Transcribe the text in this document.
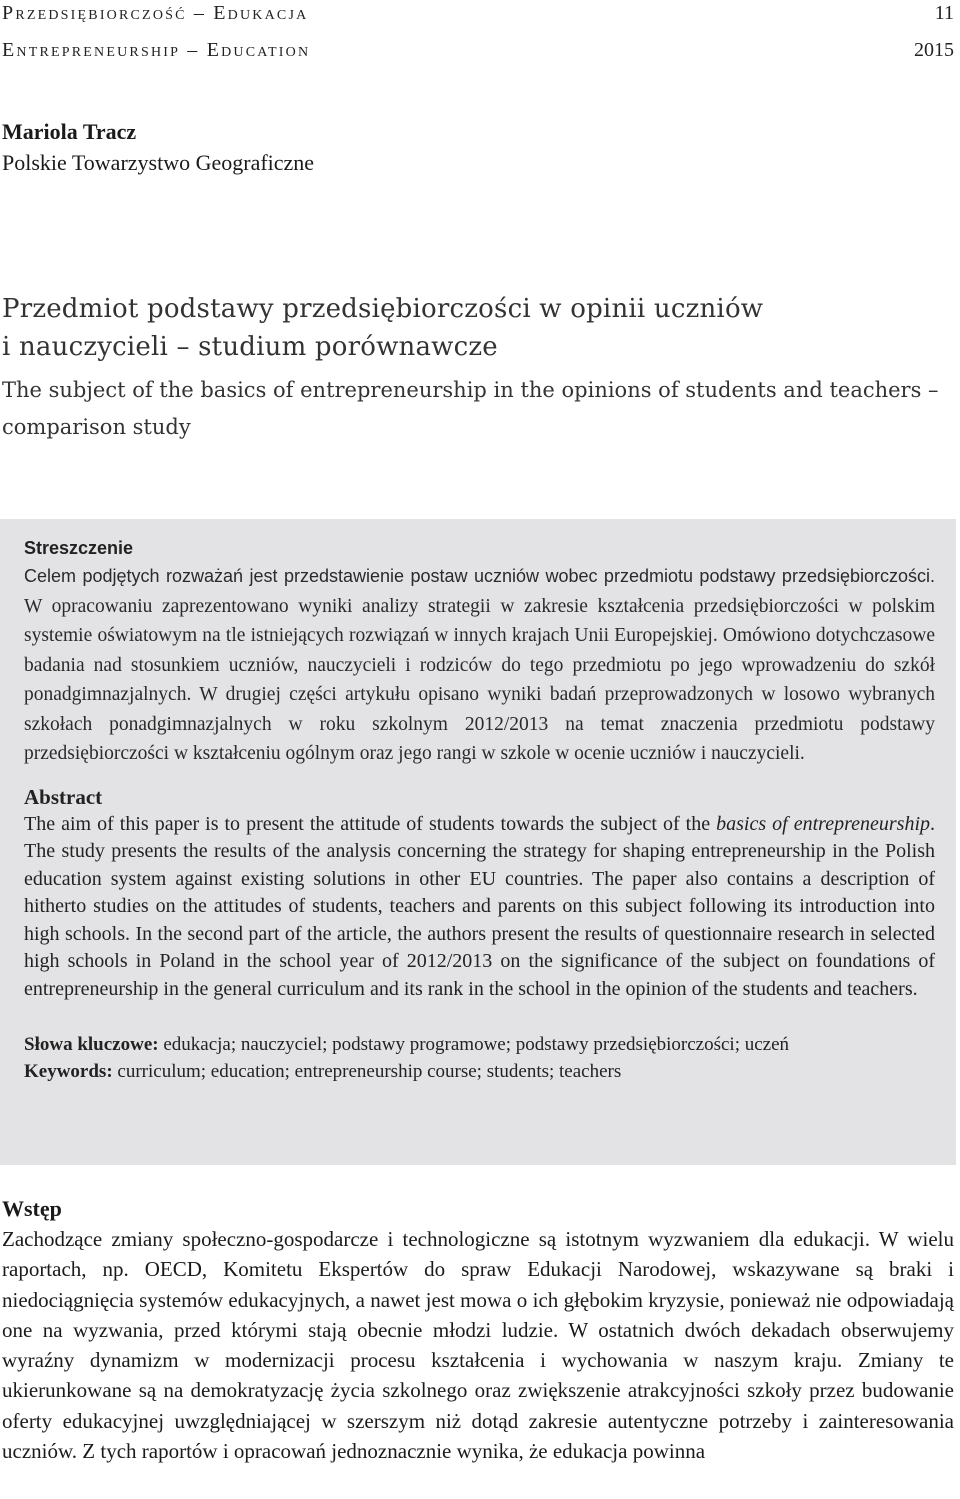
Przedsiębiorczość – Edukacja	11
Entrepreneurship – Education	2015
Mariola Tracz
Polskie Towarzystwo Geograficzne
Przedmiot podstawy przedsiębiorczości w opinii uczniów
i nauczycieli – studium porównawcze
The subject of the basics of entrepreneurship in the opinions of students and teachers – comparison study
Streszczenie

Celem podjętych rozważań jest przedstawienie postaw uczniów wobec przedmiotu podstawy przedsiębiorczości. W opracowaniu zaprezentowano wyniki analizy strategii w zakresie kształcenia przedsiębiorczości w polskim systemie oświatowym na tle istniejących rozwiązań w innych krajach Unii Europejskiej. Omówiono dotychczasowe badania nad stosunkiem uczniów, nauczycieli i rodziców do tego przedmiotu po jego wprowadzeniu do szkół ponadgimnazjalnych. W drugiej części artykułu opisano wyniki badań przeprowadzonych w losowo wybranych szkołach ponadgimnazjalnych w roku szkolnym 2012/2013 na temat znaczenia przedmiotu podstawy przedsiębiorczości w kształceniu ogólnym oraz jego rangi w szkole w ocenie uczniów i nauczycieli.

Abstract

The aim of this paper is to present the attitude of students towards the subject of the basics of entrepreneurship. The study presents the results of the analysis concerning the strategy for shaping entrepreneurship in the Polish education system against existing solutions in other EU countries. The paper also contains a description of hitherto studies on the attitudes of students, teachers and parents on this subject following its introduction into high schools. In the second part of the article, the authors present the results of questionnaire research in selected high schools in Poland in the school year of 2012/2013 on the significance of the subject on foundations of entrepreneurship in the general curriculum and its rank in the school in the opinion of the students and teachers.

Słowa kluczowe: edukacja; nauczyciel; podstawy programowe; podstawy przedsiębiorczości; uczeń
Keywords: curriculum; education; entrepreneurship course; students; teachers
Wstęp

Zachodzące zmiany społeczno-gospodarcze i technologiczne są istotnym wyzwaniem dla edukacji. W wielu raportach, np. OECD, Komitetu Ekspertów do spraw Edukacji Narodowej, wskazywane są braki i niedociągnięcia systemów edukacyjnych, a nawet jest mowa o ich głębokim kryzysie, ponieważ nie odpowiadają one na wyzwania, przed którymi stają obecnie młodzi ludzie. W ostatnich dwóch dekadach obserwujemy wyraźny dynamizm w modernizacji procesu kształcenia i wychowania w naszym kraju. Zmiany te ukierunkowane są na demokratyzację życia szkolnego oraz zwiększenie atrakcyjności szkoły przez budowanie oferty edukacyjnej uwzględniającej w szerszym niż dotąd zakresie autentyczne potrzeby i zainteresowania uczniów. Z tych raportów i opracowań jednoznacznie wynika, że edukacja powinna
